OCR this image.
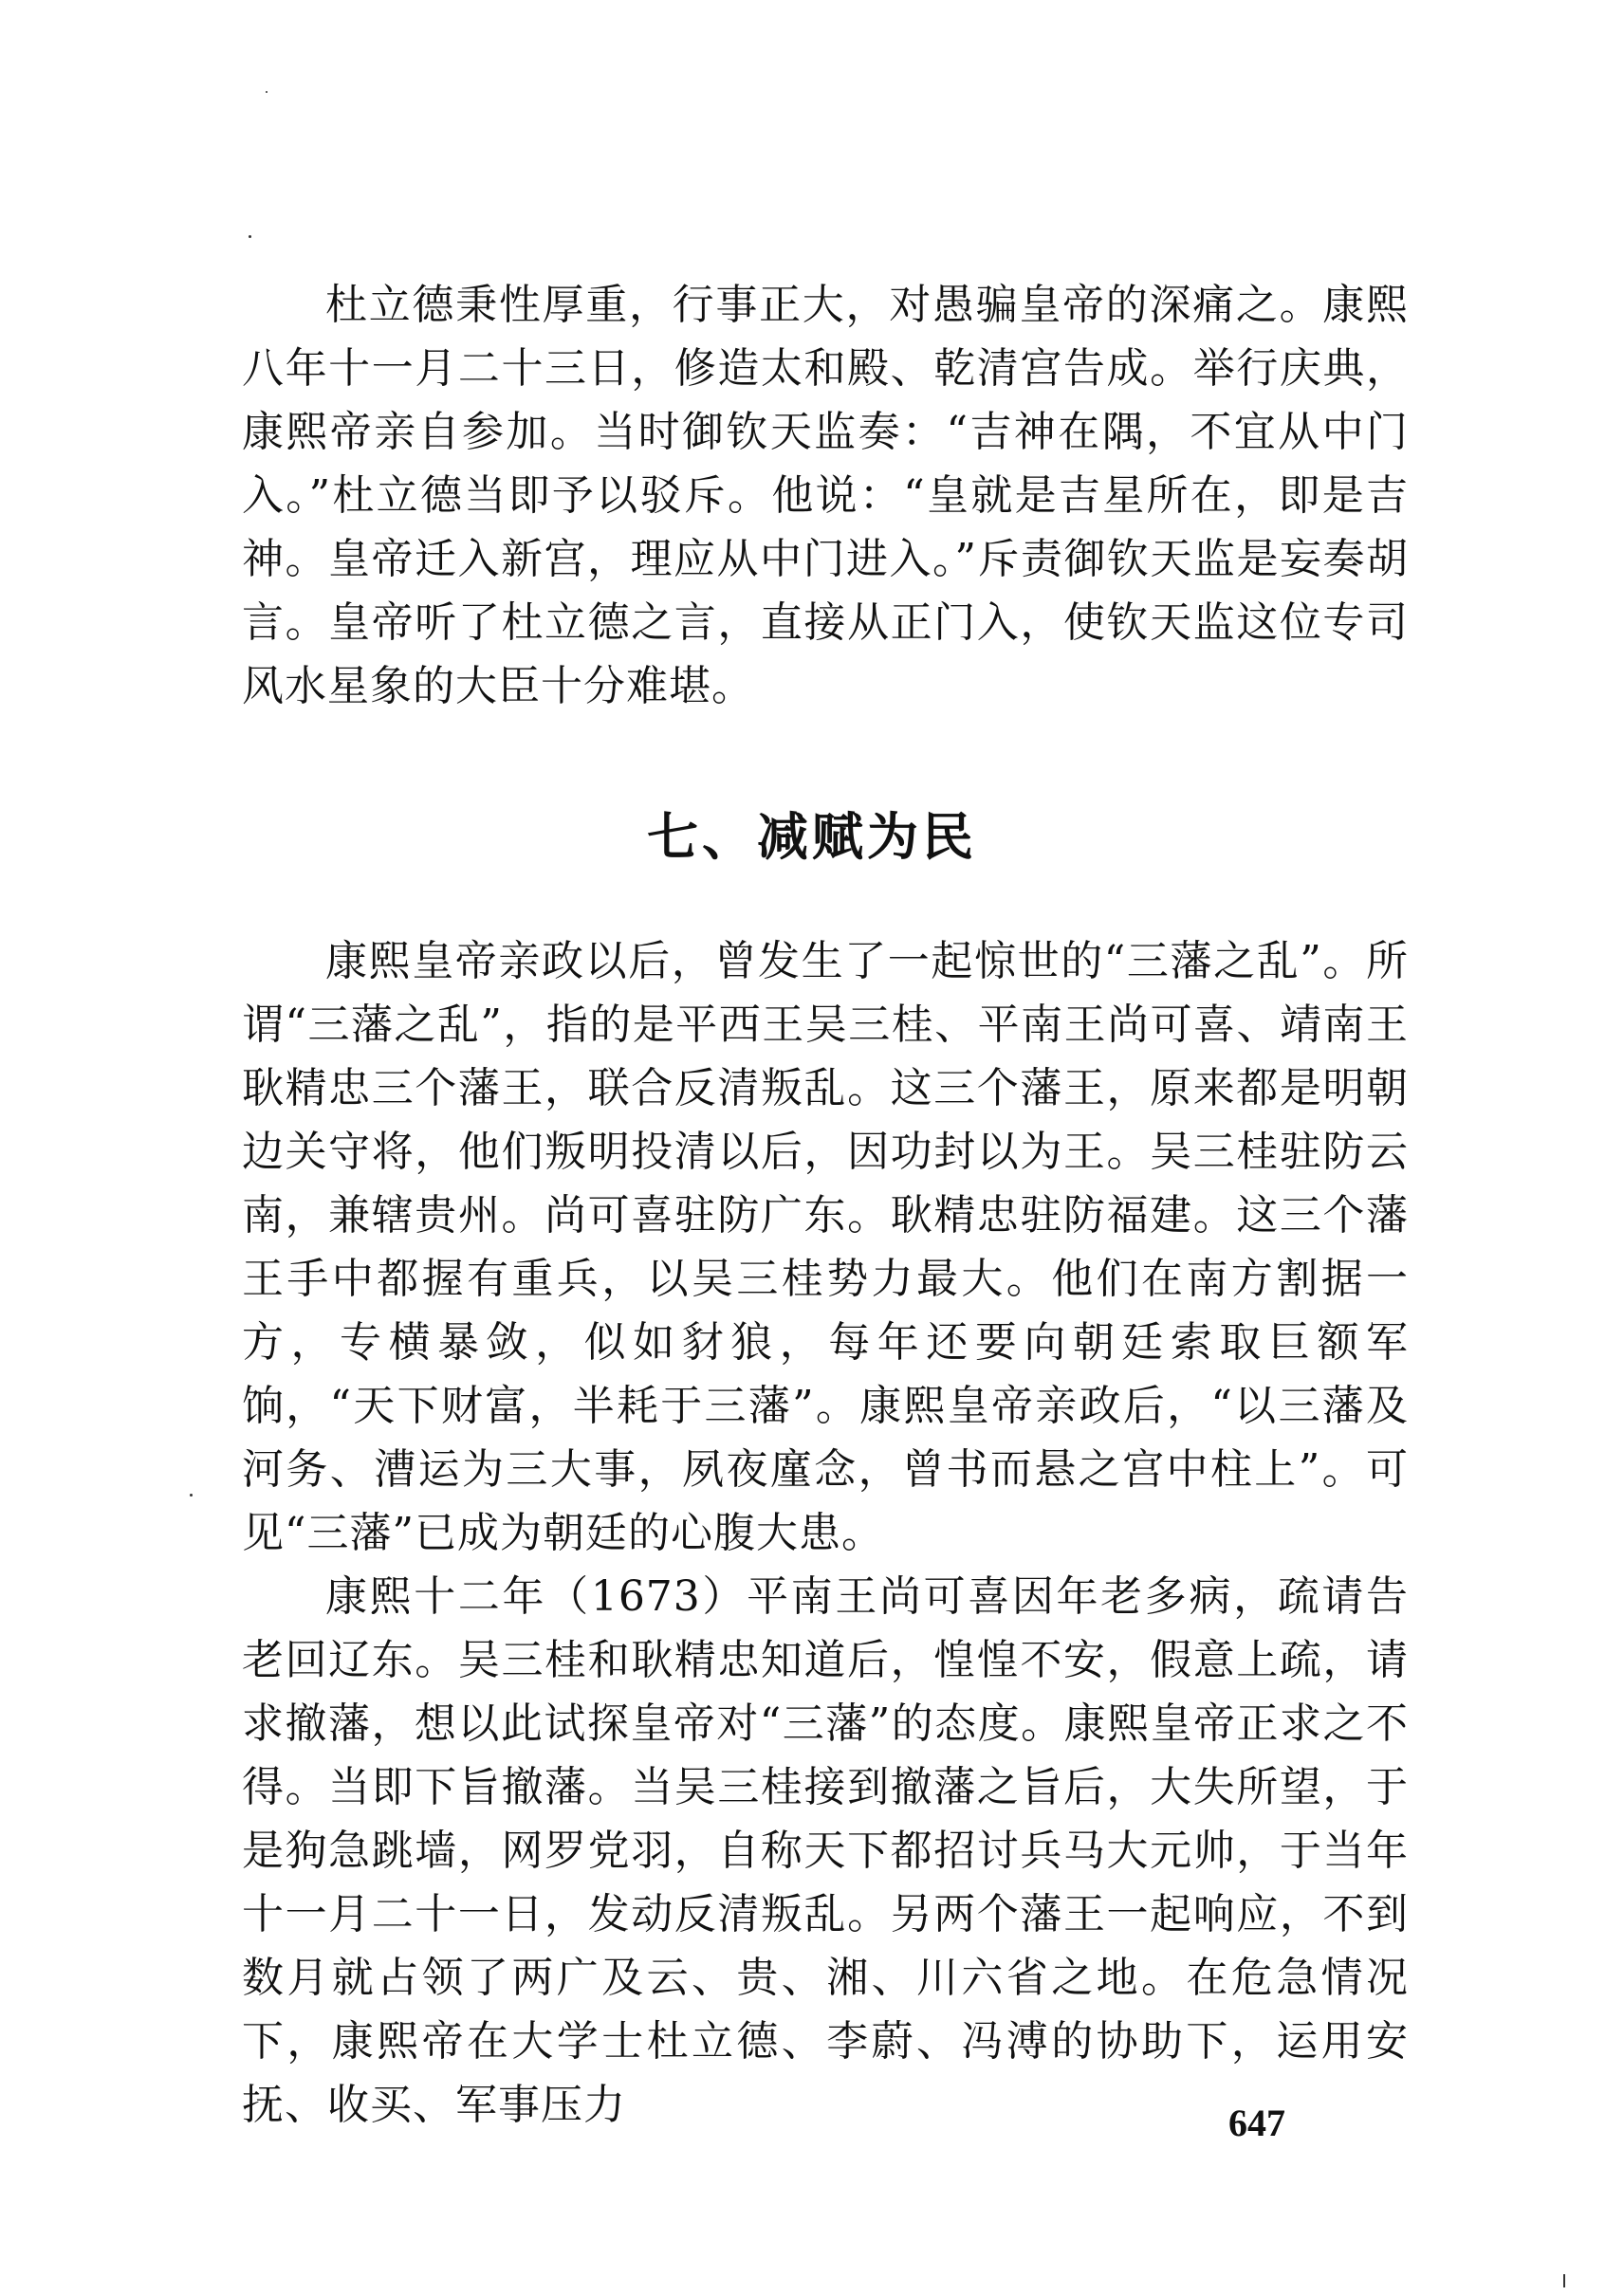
杜立德秉性厚重，行事正大，对愚骗皇帝的深痛之。康熙八年十一月二十三日，修造太和殿、乾清宫告成。举行庆典，康熙帝亲自参加。当时御钦天监奏：“吉神在隅，不宜从中门入。”杜立德当即予以驳斥。他说：“皇就是吉星所在，即是吉神。皇帝迁入新宫，理应从中门进入。”斥责御钦天监是妄奏胡言。皇帝听了杜立德之言，直接从正门入，使钦天监这位专司风水星象的大臣十分难堪。

七、减赋为民

康熙皇帝亲政以后，曾发生了一起惊世的“三藩之乱”。所谓“三藩之乱”，指的是平西王吴三桂、平南王尚可喜、靖南王耿精忠三个藩王，联合反清叛乱。这三个藩王，原来都是明朝边关守将，他们叛明投清以后，因功封以为王。吴三桂驻防云南，兼辖贵州。尚可喜驻防广东。耿精忠驻防福建。这三个藩王手中都握有重兵，以吴三桂势力最大。他们在南方割据一方，专横暴敛，似如豺狼，每年还要向朝廷索取巨额军饷，“天下财富，半耗于三藩”。康熙皇帝亲政后，“以三藩及河务、漕运为三大事，夙夜廑念，曾书而悬之宫中柱上”。可见“三藩”已成为朝廷的心腹大患。

康熙十二年（1673）平南王尚可喜因年老多病，疏请告老回辽东。吴三桂和耿精忠知道后，惶惶不安，假意上疏，请求撤藩，想以此试探皇帝对“三藩”的态度。康熙皇帝正求之不得。当即下旨撤藩。当吴三桂接到撤藩之旨后，大失所望，于是狗急跳墙，网罗党羽，自称天下都招讨兵马大元帅，于当年十一月二十一日，发动反清叛乱。另两个藩王一起响应，不到数月就占领了两广及云、贵、湘、川六省之地。在危急情况下，康熙帝在大学士杜立德、李蔚、冯溥的协助下，运用安抚、收买、军事压力	647
